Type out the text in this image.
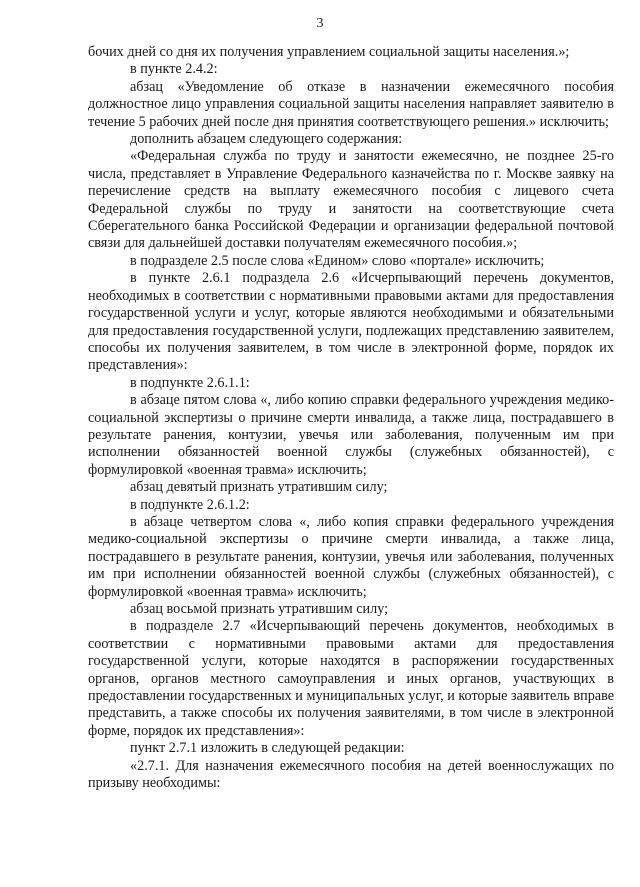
3

бочих дней со дня их получения управлением социальной защиты населения.»;

в пункте 2.4.2:

абзац «Уведомление об отказе в назначении ежемесячного пособия должностное лицо управления социальной защиты населения направляет заявителю в течение 5 рабочих дней после дня принятия соответствующего решения.» исключить;

дополнить абзацем следующего содержания:

«Федеральная служба по труду и занятости ежемесячно, не позднее 25-го числа, представляет в Управление Федерального казначейства по г. Москве заявку на перечисление средств на выплату ежемесячного пособия с лицевого счета Федеральной службы по труду и занятости на соответствующие счета Сберегательного банка Российской Федерации и организации федеральной почтовой связи для дальнейшей доставки получателям ежемесячного пособия.»;

в подразделе 2.5 после слова «Едином» слово «портале» исключить;

в пункте 2.6.1 подраздела 2.6 «Исчерпывающий перечень документов, необходимых в соответствии с нормативными правовыми актами для предоставления государственной услуги и услуг, которые являются необходимыми и обязательными для предоставления государственной услуги, подлежащих представлению заявителем, способы их получения заявителем, в том числе в электронной форме, порядок их представления»:

в подпункте 2.6.1.1:

в абзаце пятом слова «, либо копию справки федерального учреждения медико-социальной экспертизы о причине смерти инвалида, а также лица, пострадавшего в результате ранения, контузии, увечья или заболевания, полученным им при исполнении обязанностей военной службы (служебных обязанностей), с формулировкой «военная травма» исключить;

абзац девятый признать утратившим силу;

в подпункте 2.6.1.2:

в абзаце четвертом слова «, либо копия справки федерального учреждения медико-социальной экспертизы о причине смерти инвалида, а также лица, пострадавшего в результате ранения, контузии, увечья или заболевания, полученных им при исполнении обязанностей военной службы (служебных обязанностей), с формулировкой «военная травма» исключить;

абзац восьмой признать утратившим силу;

в подразделе 2.7 «Исчерпывающий перечень документов, необходимых в соответствии с нормативными правовыми актами для предоставления государственной услуги, которые находятся в распоряжении государственных органов, органов местного самоуправления и иных органов, участвующих в предоставлении государственных и муниципальных услуг, и которые заявитель вправе представить, а также способы их получения заявителями, в том числе в электронной форме, порядок их представления»:

пункт 2.7.1 изложить в следующей редакции:

«2.7.1. Для назначения ежемесячного пособия на детей военнослужащих по призыву необходимы:
